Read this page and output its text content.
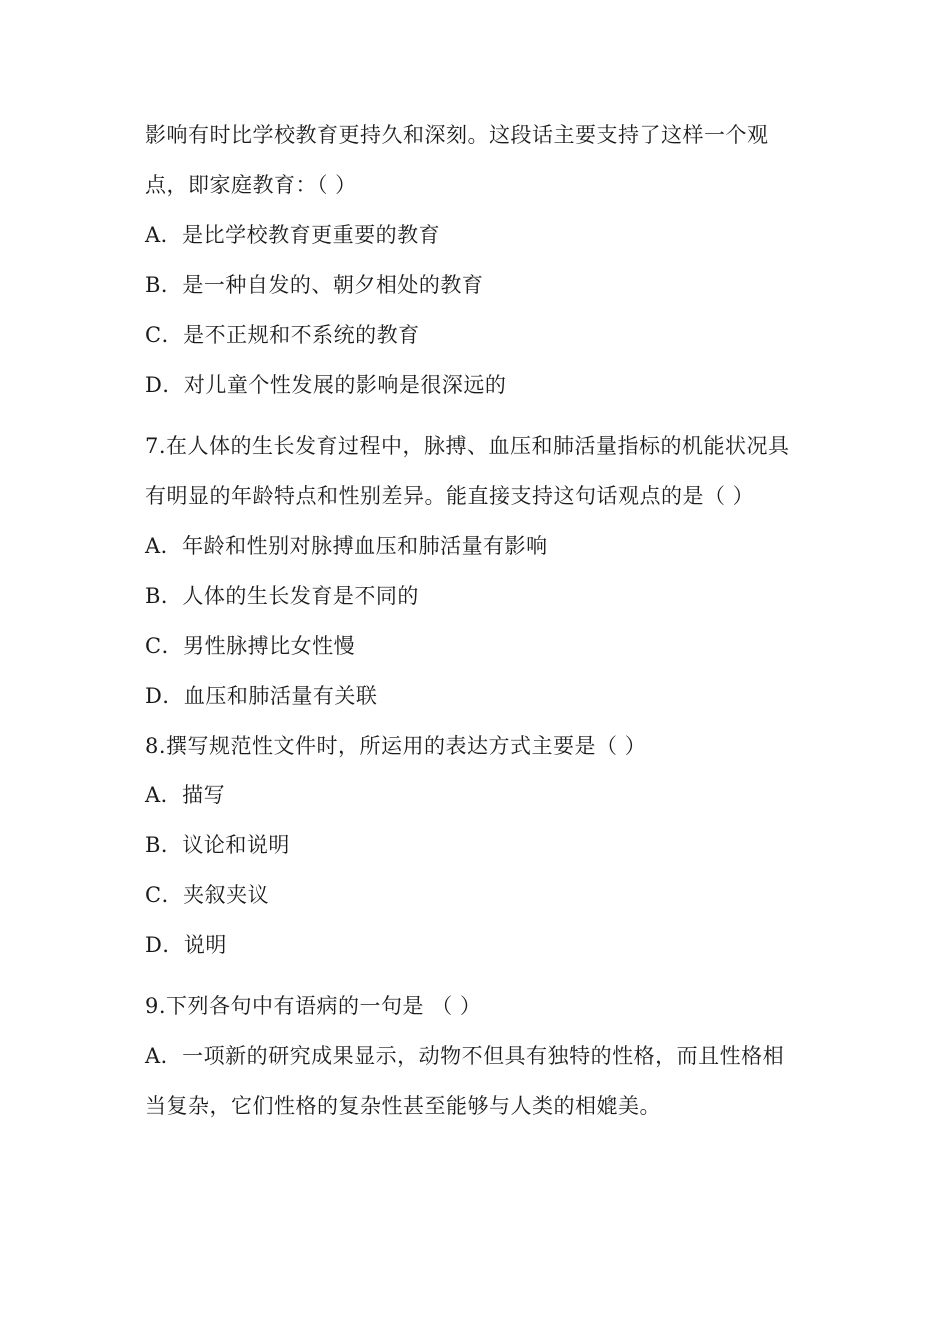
影响有时比学校教育更持久和深刻。这段话主要支持了这样一个观
点，即家庭教育：（ ）
A．是比学校教育更重要的教育
B．是一种自发的、朝夕相处的教育
C．是不正规和不系统的教育
D．对儿童个性发展的影响是很深远的
7.在人体的生长发育过程中，脉搏、血压和肺活量指标的机能状况具
有明显的年龄特点和性别差异。能直接支持这句话观点的是（ ）
A．年龄和性别对脉搏血压和肺活量有影响
B．人体的生长发育是不同的
C．男性脉搏比女性慢
D．血压和肺活量有关联
8.撰写规范性文件时，所运用的表达方式主要是（ ）
A．描写
B．议论和说明
C．夹叙夹议
D．说明
9.下列各句中有语病的一句是 （ ）
A．一项新的研究成果显示，动物不但具有独特的性格，而且性格相
当复杂，它们性格的复杂性甚至能够与人类的相媲美。
